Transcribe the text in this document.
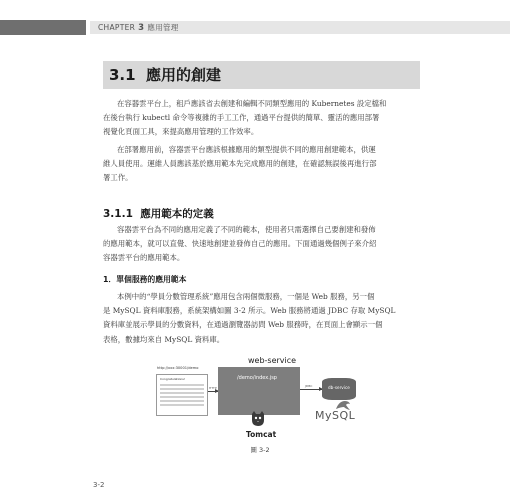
CHAPTER 3 應用管理
3.1 應用的創建
在容器雲平台上，租戶應該省去創建和編輯不同類型應用的 Kubernetes 設定檔和
在後台執行 kubectl 命令等複雜的手工工作，通過平台提供的簡單、靈活的應用部署
視覺化頁面工具，來提高應用管理的工作效率。
在部署應用前，容器雲平台應該根據應用的類型提供不同的應用創建範本，供運
維人員使用。運維人員應該基於應用範本先完成應用的創建，在確認無誤後再進行部
署工作。
3.1.1 應用範本的定義
容器雲平台為不同的應用定義了不同的範本，使用者只需選擇自己要創建和發佈
的應用範本，就可以直覺、快速地創建並發佈自己的應用。下面通過幾個例子來介紹
容器雲平台的應用範本。
1．單個服務的應用範本
本例中的“學員分數管理系統”應用包含兩個微服務，一個是 Web 服務，另一個
是 MySQL 資料庫服務，系統架構如圖 3-2 所示。Web 服務將通過 JDBC 存取 MySQL
資料庫並展示學員的分數資料，在通過瀏覽器訪問 Web 服務時，在頁面上會顯示一個
表格，數據均來自 MySQL 資料庫。
web-service
http://xxx:30001/demo
Congratulations!
HTTP
/demo/index.jsp
JDBC	db-service
Tomcat
MySQL
圖 3-2
3-2
